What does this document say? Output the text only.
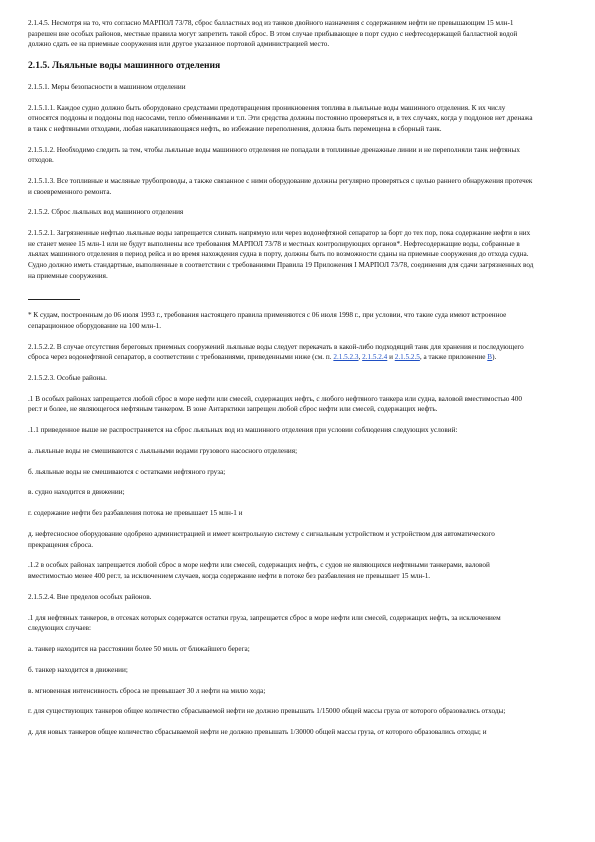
2.1.4.5. Несмотря на то, что согласно МАРПОЛ 73/78, сброс балластных вод из танков двойного назначения с содержанием нефти не превышающим 15 млн-1 разрешен вне особых районов, местные правила могут запретить такой сброс. В этом случае прибывающее в порт судно с нефтесодержащей балластной водой должно сдать ее на приемные сооружения или другое указанное портовой администрацией место.

2.1.5. Льяльные воды машинного отделения

2.1.5.1. Меры безопасности в машинном отделении

2.1.5.1.1. Каждое судно должно быть оборудовано средствами предотвращения проникновения топлива в льяльные воды машинного отделения. К их числу относятся поддоны и поддоны под насосами, тепло обменниками и т.п. Эти средства должны постоянно проверяться и, в тех случаях, когда у поддонов нет дренажа в танк с нефтяными отходами, любая накапливающаяся нефть, во избежание переполнения, должна быть перемещена в сборный танк.

2.1.5.1.2. Необходимо следить за тем, чтобы льяльные воды машинного отделения не попадали в топливные дренажные линии и не переполняли танк нефтяных отходов.

2.1.5.1.3. Все топливные и масляные трубопроводы, а также связанное с ними оборудование должны регулярно проверяться с целью раннего обнаружения протечек и своевременного ремонта.

2.1.5.2. Сброс льяльных вод машинного отделения

2.1.5.2.1. Загрязненные нефтью льяльные воды запрещается сливать напрямую или через водонефтяной сепаратор за борт до тех пор, пока содержание нефти в них не станет менее 15 млн-1 или не будут выполнены все требования МАРПОЛ 73/78 и местных контролирующих органов*. Нефтесодержащие воды, собранные в льялах машинного отделения в период рейса и во время нахождения судна в порту, должны быть по возможности сданы на приемные сооружения до отхода судна. Судно должно иметь стандартные, выполненные в соответствии с требованиями Правила 19 Приложения I МАРПОЛ 73/78, соединения для сдачи загрязненных вод на приемные сооружения.

* К судам, построенным до 06 июля 1993 г., требования настоящего правила применяются с 06 июля 1998 г., при условии, что такие суда имеют встроенное сепарационное оборудование на 100 млн-1.

2.1.5.2.2. В случае отсутствия береговых приемных сооружений льяльные воды следует перекачать в какой-либо подходящий танк для хранения и последующего сброса через водонефтяной сепаратор, в соответствии с требованиями, приведенными ниже (см. п. 2.1.5.2.3, 2.1.5.2.4 и 2.1.5.2.5, а также приложение В).

2.1.5.2.3. Особые районы.

.1 В особых районах запрещается любой сброс в море нефти или смесей, содержащих нефть, с любого нефтяного танкера или судна, валовой вместимостью 400 рег.т и более, не являющегося нефтяным танкером. В зоне Антарктики запрещен любой сброс нефти или смесей, содержащих нефть.

.1.1 приведенное выше не распространяется на сброс льяльных вод из машинного отделения при условии соблюдения следующих условий:

а. льяльные воды не смешиваются с льяльными водами грузового насосного отделения;

б. льяльные воды не смешиваются с остатками нефтяного груза;

в. судно находится в движении;

г. содержание нефти без разбавления потока не превышает 15 млн-1 и

д. нефтесносное оборудование одобрено администрацией и имеет контрольную систему с сигнальным устройством и устройством для автоматического прекращения сброса.

.1.2 в особых районах запрещается любой сброс в море нефти или смесей, содержащих нефть, с судов не являющихся нефтяными танкерами, валовой вместимостью менее 400 рег.т, за исключением случаев, когда содержание нефти в потоке без разбавления не превышает 15 млн-1.

2.1.5.2.4. Вне пределов особых районов.

.1 для нефтяных танкеров, в отсеках которых содержатся остатки груза, запрещается сброс в море нефти или смесей, содержащих нефть, за исключением следующих случаев:

а. танкер находится на расстоянии более 50 миль от ближайшего берега;

б. танкер находится в движении;

в. мгновенная интенсивность сброса не превышает 30 л нефти на милю хода;

г. для существующих танкеров общее количество сбрасываемой нефти не должно превышать 1/15000 общей массы груза от которого образовались отходы;

д. для новых танкеров общее количество сбрасываемой нефти не должно превышать 1/30000 общей массы груза, от которого образовались отходы; и
